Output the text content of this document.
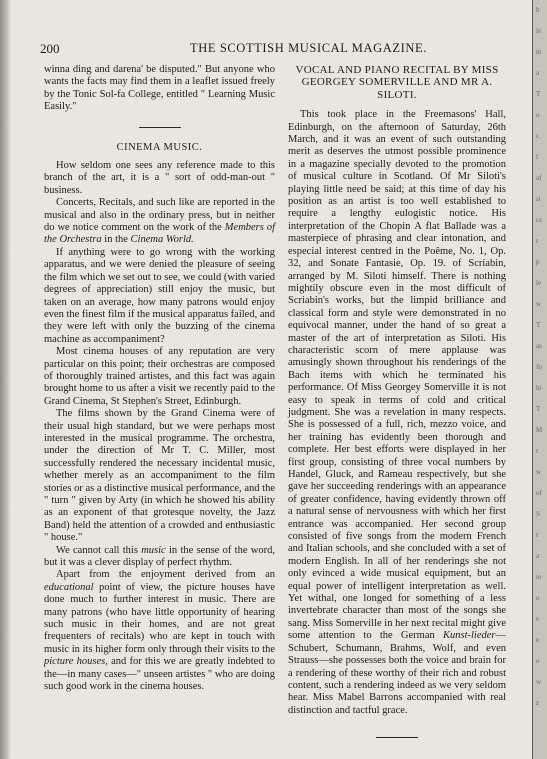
200	THE SCOTTISH MUSICAL MAGAZINE.

winna ding and darena' be disputed." But anyone who wants the facts may find them in a leaflet issued freely by the Tonic Sol-fa College, entitled " Learning Music Easily."

CINEMA MUSIC.

How seldom one sees any reference made to this branch of the art, it is a " sort of odd-man-out " business.

Concerts, Recitals, and such like are reported in the musical and also in the ordinary press, but in neither do we notice comment on the work of the Members of the Orchestra in the Cinema World.

If anything were to go wrong with the working apparatus, and we were denied the pleasure of seeing the film which we set out to see, we could (with varied degrees of appreciation) still enjoy the music, but taken on an average, how many patrons would enjoy even the finest film if the musical apparatus failed, and they were left with only the buzzing of the cinema machine as accompaniment?

Most cinema houses of any reputation are very particular on this point; their orchestras are composed of thoroughly trained artistes, and this fact was again brought home to us after a visit we recently paid to the Grand Cinema, St Stephen's Street, Edinburgh.

The films shown by the Grand Cinema were of their usual high standard, but we were perhaps most interested in the musical programme. The orchestra, under the direction of Mr T. C. Miller, most successfully rendered the necessary incidental music, whether merely as an accompaniment to the film stories or as a distinctive musical performance, and the " turn " given by Arty (in which he showed his ability as an exponent of that grotesque novelty, the Jazz Band) held the attention of a crowded and enthusiastic " house."

We cannot call this music in the sense of the word, but it was a clever display of perfect rhythm.

Apart from the enjoyment derived from an educational point of view, the picture houses have done much to further interest in music. There are many patrons (who have little opportunity of hearing such music in their homes, and are not great frequenters of recitals) who are kept in touch with music in its higher form only through their visits to the picture houses, and for this we are greatly indebted to the—in many cases—" unseen artistes " who are doing such good work in the cinema houses.

VOCAL AND PIANO RECITAL BY MISS GEORGEY SOMERVILLE AND MR A. SILOTI.

This took place in the Freemasons' Hall, Edinburgh, on the afternoon of Saturday, 26th March, and it was an event of such outstanding merit as deserves the utmost possible prominence in a magazine specially devoted to the promotion of musical culture in Scotland. Of Mr Siloti's playing little need be said; at this time of day his position as an artist is too well established to require a lengthy eulogistic notice. His interpretation of the Chopin A flat Ballade was a masterpiece of phrasing and clear intonation, and especial interest centred in the Poême, No. 1, Op. 32, and Sonate Fantasie, Op. 19. of Scriabin, arranged by M. Siloti himself. There is nothing mightily obscure even in the most difficult of Scriabin's works, but the limpid brilliance and classical form and style were demonstrated in no equivocal manner, under the hand of so great a master of the art of interpretation as Siloti. His characteristic scorn of mere applause was amusingly shown throughout his renderings of the Bach items with which he terminated his performance. Of Miss Georgey Somerville it is not easy to speak in terms of cold and critical judgment. She was a revelation in many respects. She is possessed of a full, rich, mezzo voice, and her training has evidently been thorough and complete. Her best efforts were displayed in her first group, consisting of three vocal numbers by Handel, Gluck, and Rameau respectively, but she gave her succeeding renderings with an appearance of greater confidence, having evidently thrown off a natural sense of nervousness with which her first entrance was accompanied. Her second group consisted of five songs from the modern French and Italian schools, and she concluded with a set of modern English. In all of her renderings she not only evinced a wide musical equipment, but an equal power of intelligent interpretation as well. Yet withal, one longed for something of a less invertebrate character than most of the songs she sang. Miss Somerville in her next recital might give some attention to the German Kunst-lieder—Schubert, Schumann, Brahms, Wolf, and even Strauss—she possesses both the voice and brain for a rendering of these worthy of their rich and robust content, such a rendering indeed as we very seldom hear. Miss Mabel Barrons accompanied with real distinction and tactful grace.

h
le
m
a
T
o
c
l
af
si
ce
r
p
le
w
T
as
fo
hi
T
M
r
w
of
S
r
a
to
o
e
e
o
w
z
